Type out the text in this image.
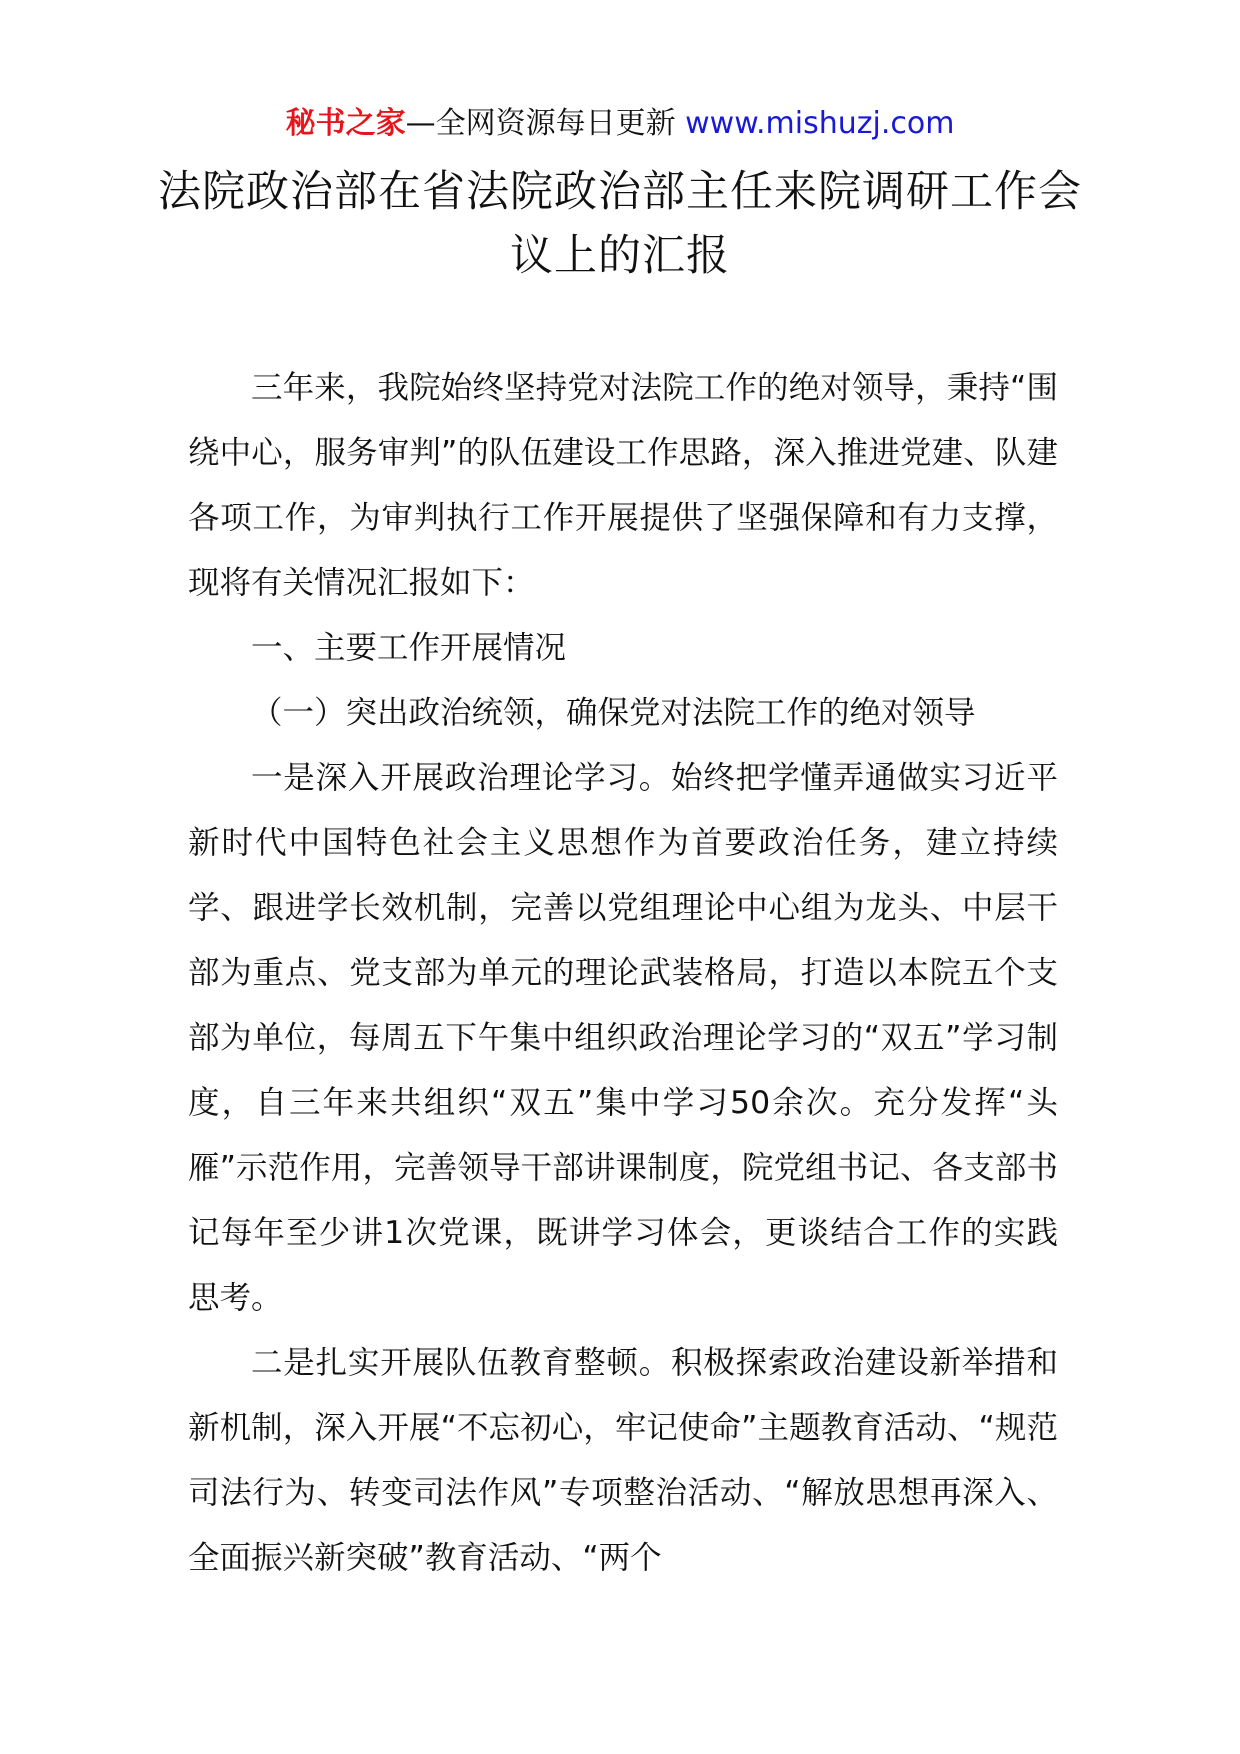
秘书之家—全网资源每日更新 www.mishuzj.com
法院政治部在省法院政治部主任来院调研工作会议上的汇报

三年来，我院始终坚持党对法院工作的绝对领导，秉持“围绕中心，服务审判”的队伍建设工作思路，深入推进党建、队建各项工作，为审判执行工作开展提供了坚强保障和有力支撑，现将有关情况汇报如下：

一、主要工作开展情况

（一）突出政治统领，确保党对法院工作的绝对领导

一是深入开展政治理论学习。始终把学懂弄通做实习近平新时代中国特色社会主义思想作为首要政治任务，建立持续学、跟进学长效机制，完善以党组理论中心组为龙头、中层干部为重点、党支部为单元的理论武装格局，打造以本院五个支部为单位，每周五下午集中组织政治理论学习的“双五”学习制度，自三年来共组织“双五”集中学习50余次。充分发挥“头雁”示范作用，完善领导干部讲课制度，院党组书记、各支部书记每年至少讲1次党课，既讲学习体会，更谈结合工作的实践思考。

二是扎实开展队伍教育整顿。积极探索政治建设新举措和新机制，深入开展“不忘初心，牢记使命”主题教育活动、“规范司法行为、转变司法作风”专项整治活动、“解放思想再深入、全面振兴新突破”教育活动、“两个
